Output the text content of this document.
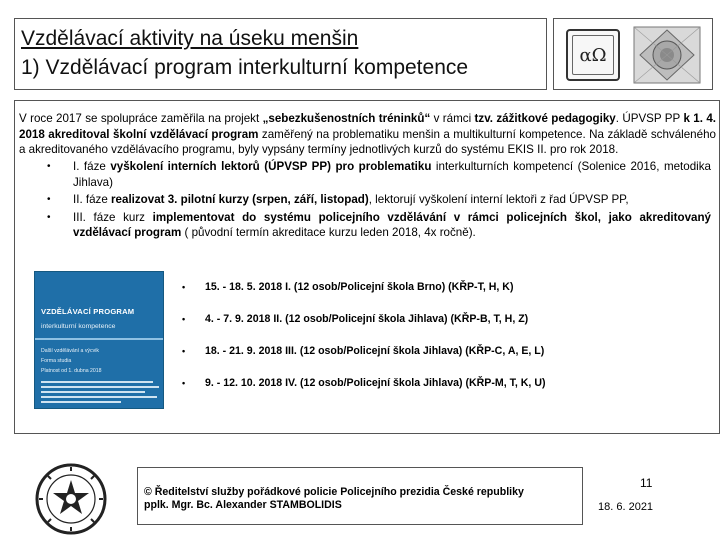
Vzdělávací aktivity na úseku menšin
1) Vzdělávací program interkulturní kompetence
αΩ

V roce 2017 se spolupráce zaměřila na projekt „sebezkušenostních tréninků“ v rámci tzv. zážitkové pedagogiky. ÚPVSP PP k 1. 4. 2018 akreditoval školní vzdělávací program zaměřený na problematiku menšin a multikulturní kompetence. Na základě schváleného a akreditovaného vzdělávacího programu, byly vypsány termíny jednotlivých kurzů do systému EKIS II. pro rok 2018.

• I. fáze vyškolení interních lektorů (ÚPVSP PP) pro problematiku interkulturních kompetencí (Solenice 2016, metodika Jihlava)
• II. fáze realizovat 3. pilotní kurzy (srpen, září, listopad), lektorují vyškolení interní lektoři z řad ÚPVSP PP,
• III. fáze kurz implementovat do systému policejního vzdělávání v rámci policejních škol, jako akreditovaný vzdělávací program ( původní termín akreditace kurzu leden 2018, 4x ročně).
VZDĚLÁVACÍ PROGRAM
interkulturní kompetence
Další vzdělávání a výcvik
Forma studia
Platnost od 1. dubna 2018
• 15. - 18. 5. 2018 I. (12 osob/Policejní škola Brno) (KŘP-T, H, K)
• 4. - 7. 9. 2018 II. (12 osob/Policejní škola Jihlava) (KŘP-B, T, H, Z)
• 18. - 21. 9. 2018 III. (12 osob/Policejní škola Jihlava) (KŘP-C, A, E, L)
• 9. - 12. 10. 2018 IV. (12 osob/Policejní škola Jihlava) (KŘP-M, T, K, U)
© Ředitelství služby pořádkové policie Policejního prezidia České republiky
pplk. Mgr. Bc. Alexander STAMBOLIDIS
11
18. 6. 2021
